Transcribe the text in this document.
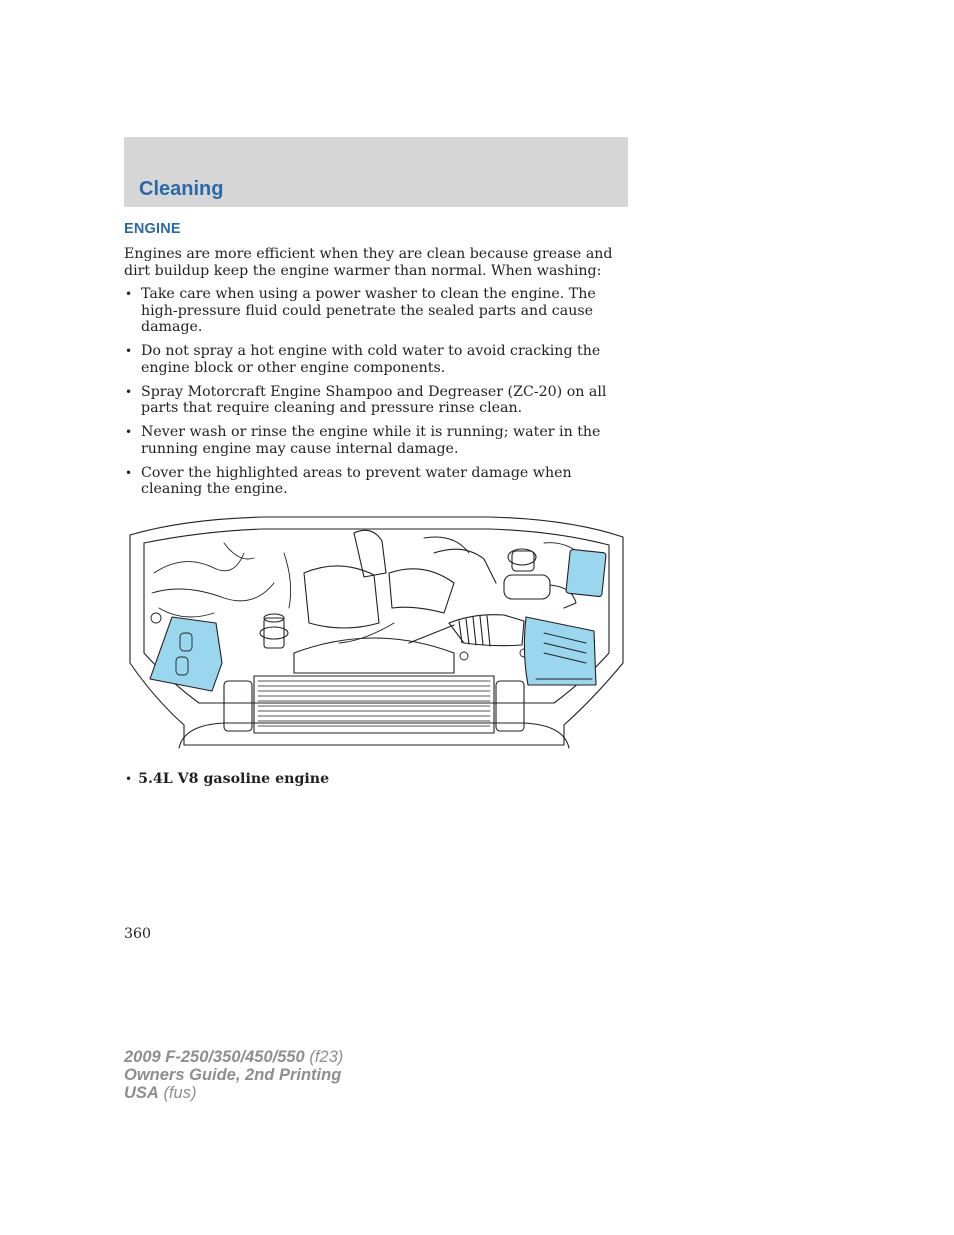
Cleaning
ENGINE
Engines are more efficient when they are clean because grease and dirt buildup keep the engine warmer than normal. When washing:
• Take care when using a power washer to clean the engine. The high-pressure fluid could penetrate the sealed parts and cause damage.
• Do not spray a hot engine with cold water to avoid cracking the engine block or other engine components.
• Spray Motorcraft Engine Shampoo and Degreaser (ZC-20) on all parts that require cleaning and pressure rinse clean.
• Never wash or rinse the engine while it is running; water in the running engine may cause internal damage.
• Cover the highlighted areas to prevent water damage when cleaning the engine.
• 5.4L V8 gasoline engine
360
2009 F-250/350/450/550 (f23)
Owners Guide, 2nd Printing
USA (fus)
